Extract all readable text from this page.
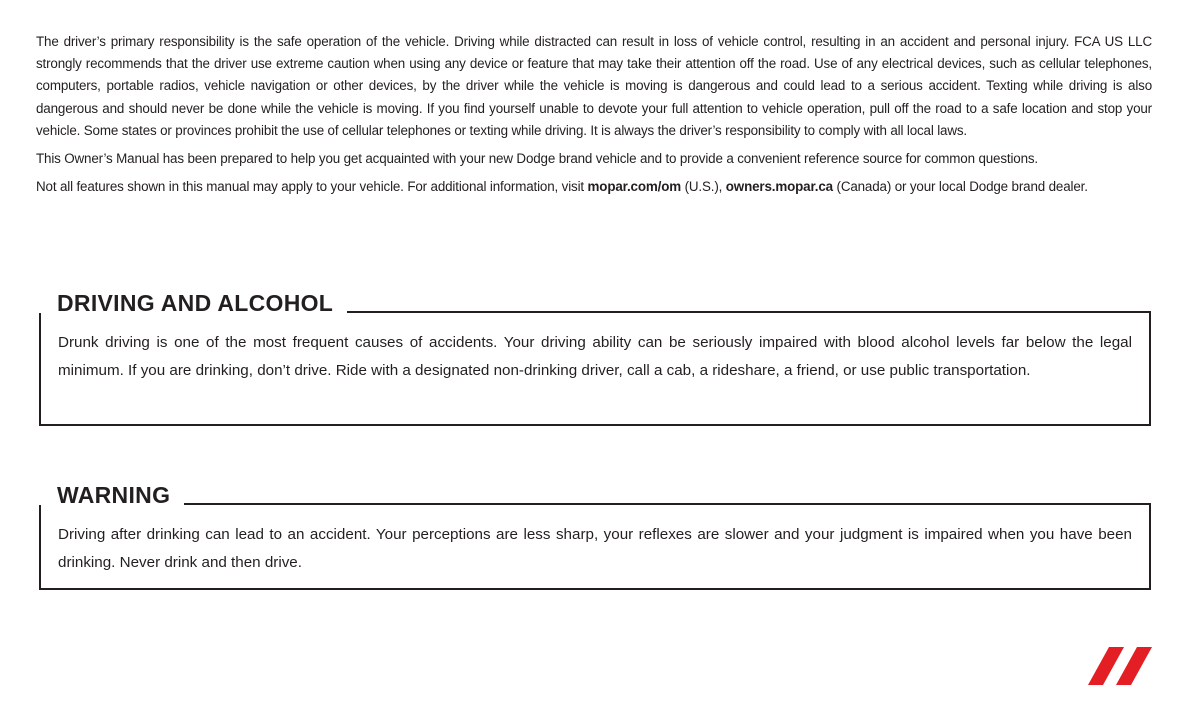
The driver’s primary responsibility is the safe operation of the vehicle. Driving while distracted can result in loss of vehicle control, resulting in an accident and personal injury. FCA US LLC strongly recommends that the driver use extreme caution when using any device or feature that may take their attention off the road. Use of any electrical devices, such as cellular telephones, computers, portable radios, vehicle navigation or other devices, by the driver while the vehicle is moving is dangerous and could lead to a serious accident. Texting while driving is also dangerous and should never be done while the vehicle is moving. If you find yourself unable to devote your full attention to vehicle operation, pull off the road to a safe location and stop your vehicle. Some states or provinces prohibit the use of cellular telephones or texting while driving. It is always the driver’s responsibility to comply with all local laws.

This Owner’s Manual has been prepared to help you get acquainted with your new Dodge brand vehicle and to provide a convenient reference source for common questions.

Not all features shown in this manual may apply to your vehicle. For additional information, visit mopar.com/om (U.S.), owners.mopar.ca (Canada) or your local Dodge brand dealer.

DRIVING AND ALCOHOL
Drunk driving is one of the most frequent causes of accidents. Your driving ability can be seriously impaired with blood alcohol levels far below the legal minimum. If you are drinking, don’t drive. Ride with a designated non-drinking driver, call a cab, a rideshare, a friend, or use public transportation.
WARNING
Driving after drinking can lead to an accident. Your perceptions are less sharp, your reflexes are slower and your judgment is impaired when you have been drinking. Never drink and then drive.
